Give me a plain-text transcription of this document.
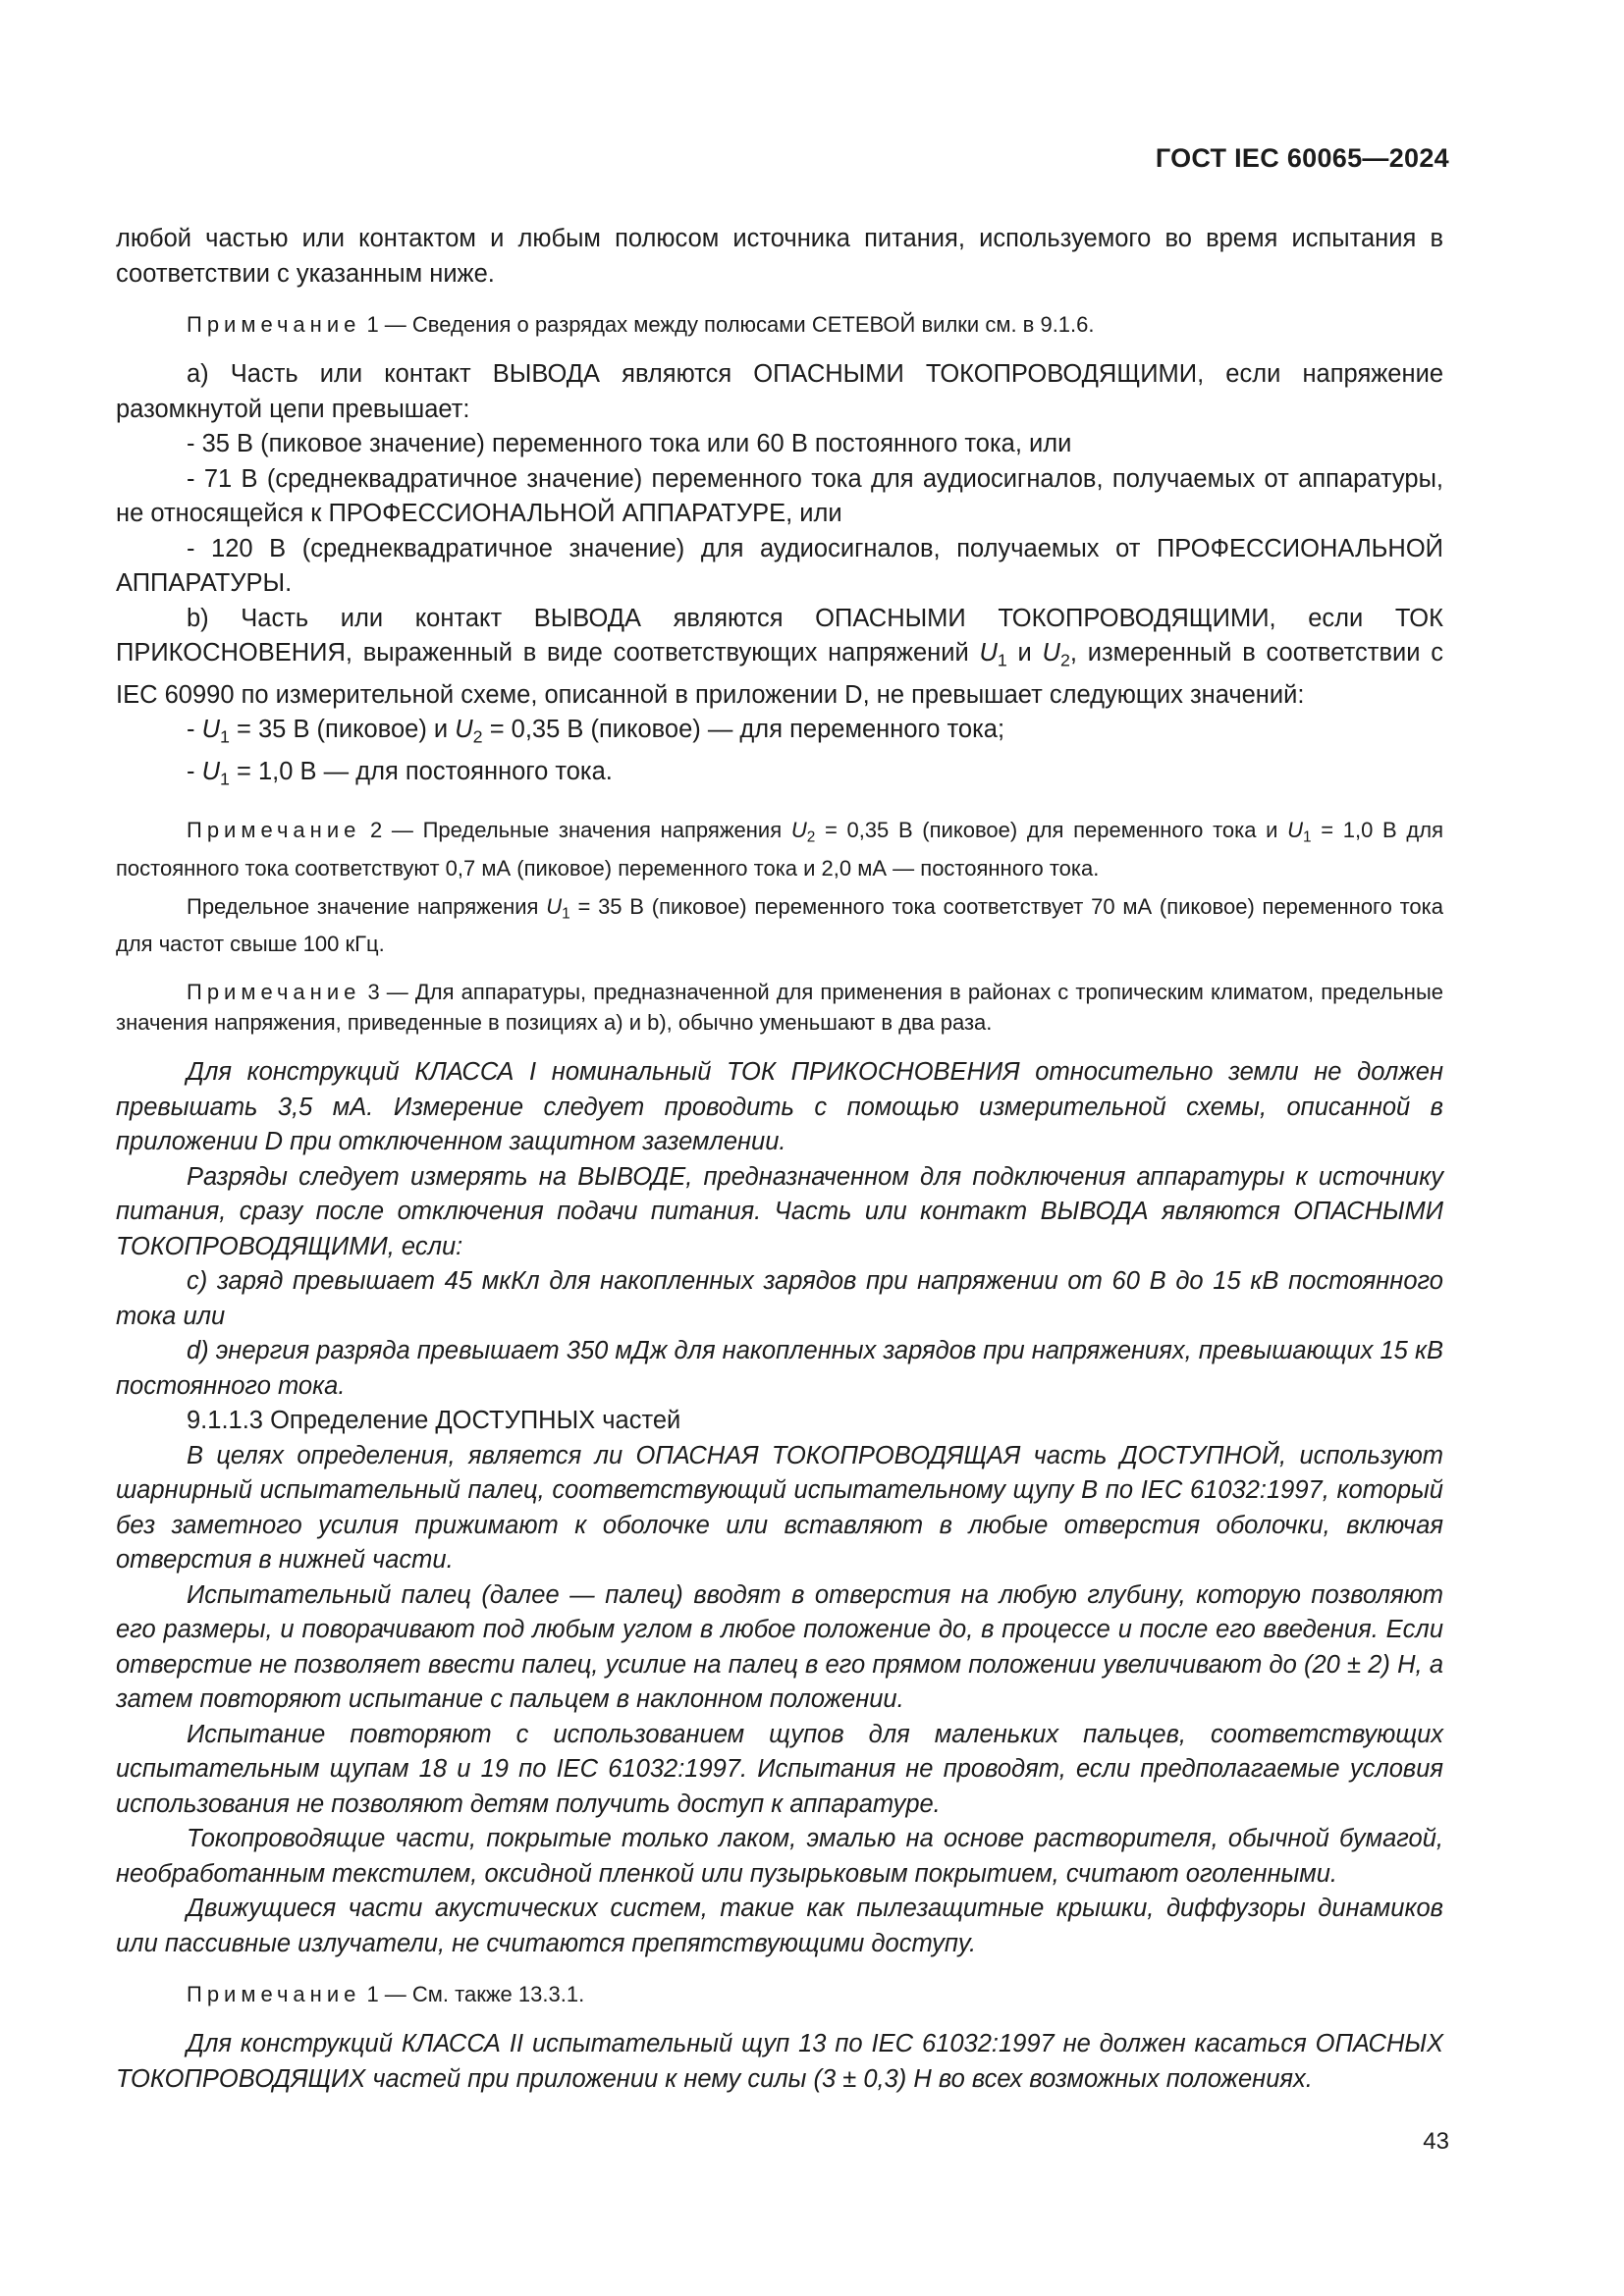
ГОСТ IEC 60065—2024

любой частью или контактом и любым полюсом источника питания, используемого во время испытания в соответствии с указанным ниже.

Примечание 1 — Сведения о разрядах между полюсами СЕТЕВОЙ вилки см. в 9.1.6.

а) Часть или контакт ВЫВОДА являются ОПАСНЫМИ ТОКОПРОВОДЯЩИМИ, если напряжение разомкнутой цепи превышает:

- 35 В (пиковое значение) переменного тока или 60 В постоянного тока, или

- 71 В (среднеквадратичное значение) переменного тока для аудиосигналов, получаемых от аппаратуры, не относящейся к ПРОФЕССИОНАЛЬНОЙ АППАРАТУРЕ, или

- 120 В (среднеквадратичное значение) для аудиосигналов, получаемых от ПРОФЕССИОНАЛЬНОЙ АППАРАТУРЫ.

b) Часть или контакт ВЫВОДА являются ОПАСНЫМИ ТОКОПРОВОДЯЩИМИ, если ТОК ПРИКОСНОВЕНИЯ, выраженный в виде соответствующих напряжений $U_1$ и $U_2$, измеренный в соответствии с IEC 60990 по измерительной схеме, описанной в приложении D, не превышает следующих значений:

- $U_1 = 35$ В (пиковое) и $U_2 = 0,35$ В (пиковое) — для переменного тока;

- $U_1 = 1,0$ В — для постоянного тока.

Примечание 2 — Предельные значения напряжения $U_2 = 0,35$ В (пиковое) для переменного тока и $U_1 = 1,0$ В для постоянного тока соответствуют 0,7 мА (пиковое) переменного тока и 2,0 мА — постоянного тока.

Предельное значение напряжения $U_1 = 35$ В (пиковое) переменного тока соответствует 70 мА (пиковое) переменного тока для частот свыше 100 кГц.

Примечание 3 — Для аппаратуры, предназначенной для применения в районах с тропическим климатом, предельные значения напряжения, приведенные в позициях а) и b), обычно уменьшают в два раза.

Для конструкций КЛАССА I номинальный ТОК ПРИКОСНОВЕНИЯ относительно земли не должен превышать 3,5 мА. Измерение следует проводить с помощью измерительной схемы, описанной в приложении D при отключенном защитном заземлении.

Разряды следует измерять на ВЫВОДЕ, предназначенном для подключения аппаратуры к источнику питания, сразу после отключения подачи питания. Часть или контакт ВЫВОДА являются ОПАСНЫМИ ТОКОПРОВОДЯЩИМИ, если:

с) заряд превышает 45 мкКл для накопленных зарядов при напряжении от 60 В до 15 кВ постоянного тока или

d) энергия разряда превышает 350 мДж для накопленных зарядов при напряжениях, превышающих 15 кВ постоянного тока.

9.1.1.3 Определение ДОСТУПНЫХ частей

В целях определения, является ли ОПАСНАЯ ТОКОПРОВОДЯЩАЯ часть ДОСТУПНОЙ, используют шарнирный испытательный палец, соответствующий испытательному щупу В по IEC 61032:1997, который без заметного усилия прижимают к оболочке или вставляют в любые отверстия оболочки, включая отверстия в нижней части.

Испытательный палец (далее — палец) вводят в отверстия на любую глубину, которую позволяют его размеры, и поворачивают под любым углом в любое положение до, в процессе и после его введения. Если отверстие не позволяет ввести палец, усилие на палец в его прямом положении увеличивают до (20 ± 2) Н, а затем повторяют испытание с пальцем в наклонном положении.

Испытание повторяют с использованием щупов для маленьких пальцев, соответствующих испытательным щупам 18 и 19 по IEC 61032:1997. Испытания не проводят, если предполагаемые условия использования не позволяют детям получить доступ к аппаратуре.

Токопроводящие части, покрытые только лаком, эмалью на основе растворителя, обычной бумагой, необработанным текстилем, оксидной пленкой или пузырьковым покрытием, считают оголенными.

Движущиеся части акустических систем, такие как пылезащитные крышки, диффузоры динамиков или пассивные излучатели, не считаются препятствующими доступу.

Примечание 1 — См. также 13.3.1.

Для конструкций КЛАССА II испытательный щуп 13 по IEC 61032:1997 не должен касаться ОПАСНЫХ ТОКОПРОВОДЯЩИХ частей при приложении к нему силы (3 ± 0,3) Н во всех возможных положениях.

43
